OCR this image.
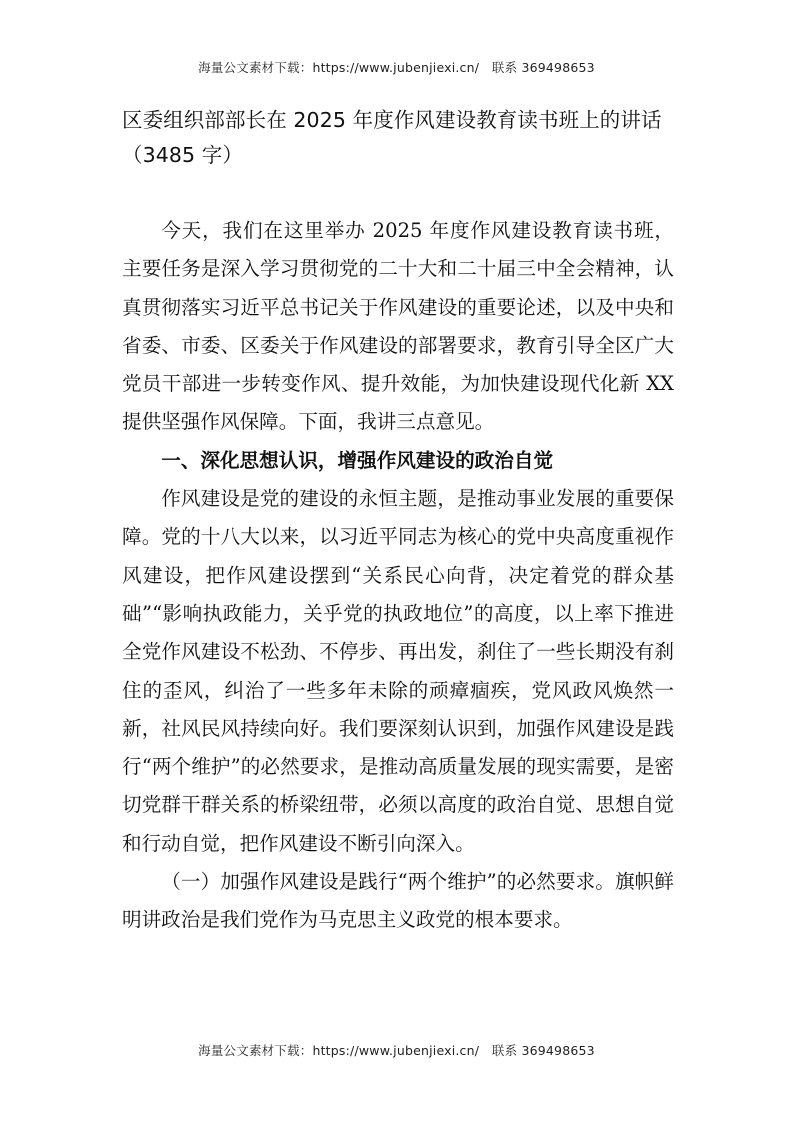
海量公文素材下载：https://www.jubenjiexi.cn/　联系 369498653
区委组织部部长在 2025 年度作风建设教育读书班上的讲话（3485 字）

今天，我们在这里举办 2025 年度作风建设教育读书班，主要任务是深入学习贯彻党的二十大和二十届三中全会精神，认真贯彻落实习近平总书记关于作风建设的重要论述，以及中央和省委、市委、区委关于作风建设的部署要求，教育引导全区广大党员干部进一步转变作风、提升效能，为加快建设现代化新 XX 提供坚强作风保障。下面，我讲三点意见。

一、深化思想认识，增强作风建设的政治自觉

作风建设是党的建设的永恒主题，是推动事业发展的重要保障。党的十八大以来，以习近平同志为核心的党中央高度重视作风建设，把作风建设摆到“关系民心向背，决定着党的群众基础”“影响执政能力，关乎党的执政地位”的高度，以上率下推进全党作风建设不松劲、不停步、再出发，刹住了一些长期没有刹住的歪风，纠治了一些多年未除的顽瘴痼疾，党风政风焕然一新，社风民风持续向好。我们要深刻认识到，加强作风建设是践行“两个维护”的必然要求，是推动高质量发展的现实需要，是密切党群干群关系的桥梁纽带，必须以高度的政治自觉、思想自觉和行动自觉，把作风建设不断引向深入。

（一）加强作风建设是践行“两个维护”的必然要求。旗帜鲜明讲政治是我们党作为马克思主义政党的根本要求。

海量公文素材下载：https://www.jubenjiexi.cn/　联系 369498653
